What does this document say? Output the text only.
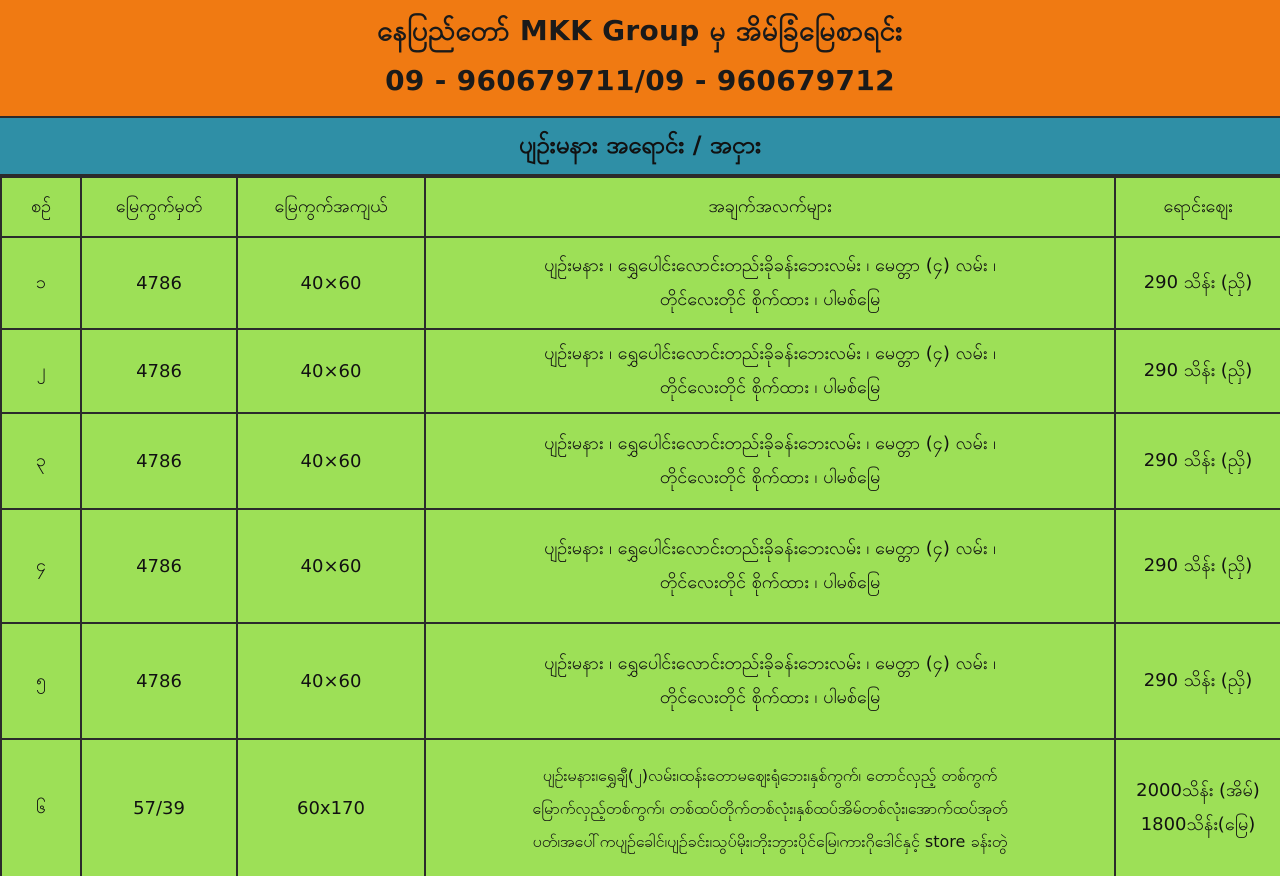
နေပြည်တော် MKK Group မှ အိမ်ခြံမြေစာရင်း
09 - 960679711/09 - 960679712
ပျဉ်းမနား အရောင်း / အငှား
စဉ်	မြေကွက်မှတ်	မြေကွက်အကျယ်	အချက်အလက်များ	ရောင်းဈေး
၁	4786	40×60	ပျဉ်းမနား ၊ ရွှေပေါင်းလောင်းတည်းခိုခန်းဘေးလမ်း ၊ မေတ္တာ (၄) လမ်း ၊
တိုင်လေးတိုင် စိုက်ထား ၊ ပါမစ်မြေ	290 သိန်း (ညှိ)

၂	4786	40×60	ပျဉ်းမနား ၊ ရွှေပေါင်းလောင်းတည်းခိုခန်းဘေးလမ်း ၊ မေတ္တာ (၄) လမ်း ၊
တိုင်လေးတိုင် စိုက်ထား ၊ ပါမစ်မြေ	290 သိန်း (ညှိ)

၃	4786	40×60	ပျဉ်းမနား ၊ ရွှေပေါင်းလောင်းတည်းခိုခန်းဘေးလမ်း ၊ မေတ္တာ (၄) လမ်း ၊
တိုင်လေးတိုင် စိုက်ထား ၊ ပါမစ်မြေ	290 သိန်း (ညှိ)

၄	4786	40×60	ပျဉ်းမနား ၊ ရွှေပေါင်းလောင်းတည်းခိုခန်းဘေးလမ်း ၊ မေတ္တာ (၄) လမ်း ၊
တိုင်လေးတိုင် စိုက်ထား ၊ ပါမစ်မြေ	290 သိန်း (ညှိ)

၅	4786	40×60	ပျဉ်းမနား ၊ ရွှေပေါင်းလောင်းတည်းခိုခန်းဘေးလမ်း ၊ မေတ္တာ (၄) လမ်း ၊
တိုင်လေးတိုင် စိုက်ထား ၊ ပါမစ်မြေ	290 သိန်း (ညှိ)

၆	57/39	60x170	ပျဉ်းမနား၊ရွှေချီ(၂)လမ်း၊ထန်းတောမဈေးရုံဘေး၊နှစ်ကွက်၊ တောင်လှည့် တစ်ကွက်
မြောက်လှည့်တစ်ကွက်၊ တစ်ထပ်တိုက်တစ်လုံး၊နှစ်ထပ်အိမ်တစ်လုံး၊အောက်ထပ်အုတ်
ပတ်၊အပေါ်ကပျဉ်ခေါင်၊ပျဉ်ခင်း၊သွပ်မိုး၊ဘိုးဘွားပိုင်မြေ၊ကားဂိုဒေါင်နှင့် store ခန်းတွဲ	2000သိန်း (အိမ်)
1800သိန်း(မြေ)
